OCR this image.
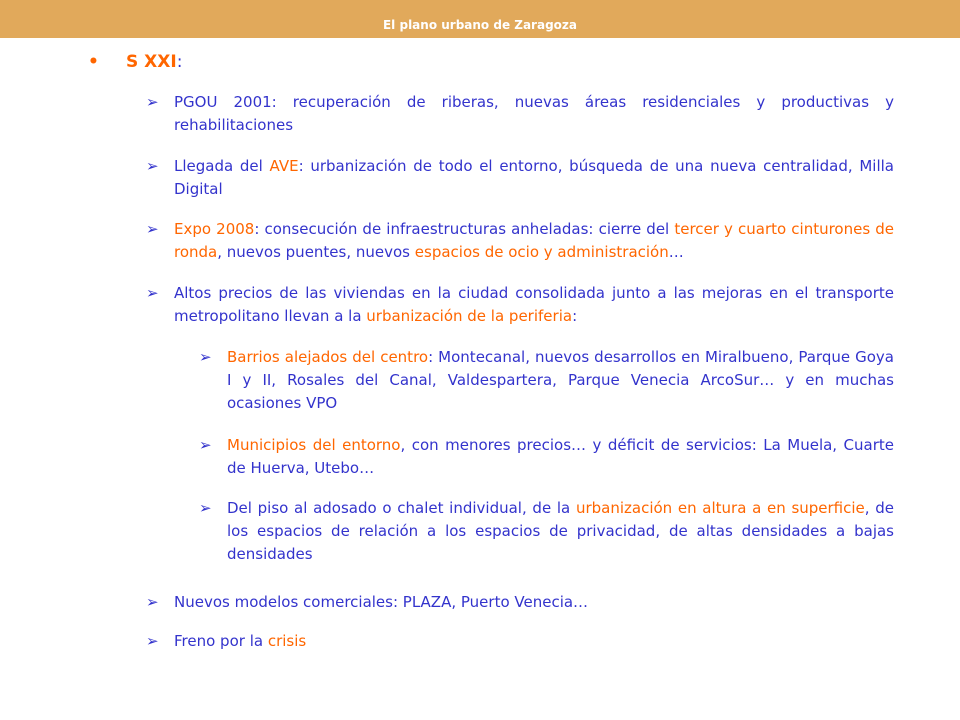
El plano urbano de Zaragoza
• S XXI:
➢ PGOU 2001: recuperación de riberas, nuevas áreas residenciales y productivas y rehabilitaciones
➢ Llegada del AVE: urbanización de todo el entorno, búsqueda de una nueva centralidad, Milla Digital
➢ Expo 2008: consecución de infraestructuras anheladas: cierre del tercer y cuarto cinturones de ronda, nuevos puentes, nuevos espacios de ocio y administración…
➢ Altos precios de las viviendas en la ciudad consolidada junto a las mejoras en el transporte metropolitano llevan a la urbanización de la periferia:
➢ Barrios alejados del centro: Montecanal, nuevos desarrollos en Miralbueno, Parque Goya I y II, Rosales del Canal, Valdespartera, Parque Venecia ArcoSur… y en muchas ocasiones VPO
➢ Municipios del entorno, con menores precios… y déficit de servicios: La Muela, Cuarte de Huerva, Utebo…
➢ Del piso al adosado o chalet individual, de la urbanización en altura a en superficie, de los espacios de relación a los espacios de privacidad, de altas densidades a bajas densidades
➢ Nuevos modelos comerciales: PLAZA, Puerto Venecia…
➢ Freno por la crisis
